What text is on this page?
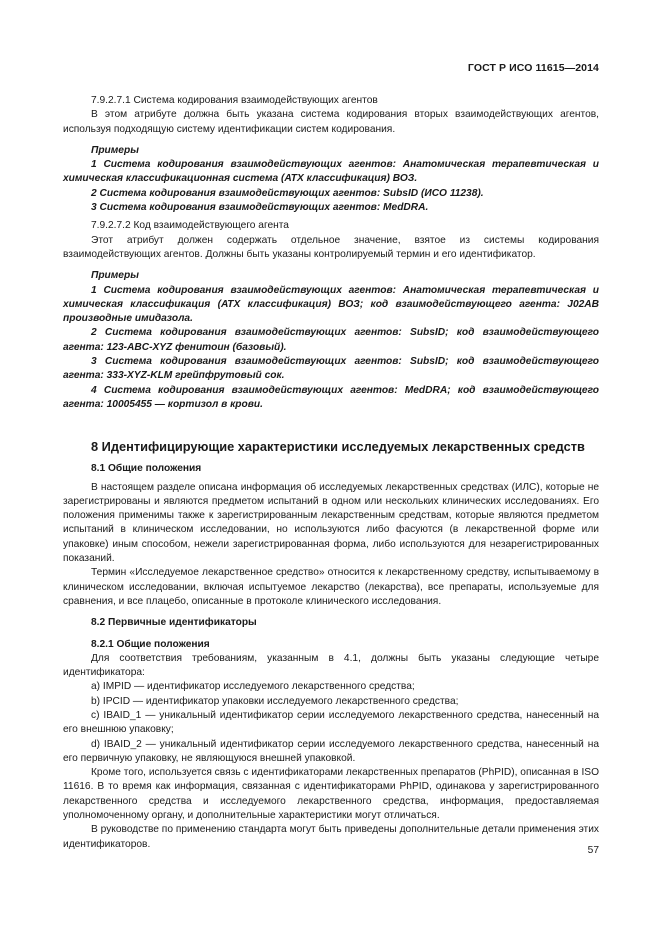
ГОСТ Р ИСО 11615—2014

7.9.2.7.1 Система кодирования взаимодействующих агентов

В этом атрибуте должна быть указана система кодирования вторых взаимодействующих агентов, используя подходящую систему идентификации систем кодирования.

Примеры

1 Система кодирования взаимодействующих агентов: Анатомическая терапевтическая и химическая классификационная система (АТХ классификация) ВОЗ.

2 Система кодирования взаимодействующих агентов: SubsID (ИСО 11238).

3 Система кодирования взаимодействующих агентов: MedDRA.

7.9.2.7.2 Код взаимодействующего агента

Этот атрибут должен содержать отдельное значение, взятое из системы кодирования взаимодействующих агентов. Должны быть указаны контролируемый термин и его идентификатор.

Примеры

1 Система кодирования взаимодействующих агентов: Анатомическая терапевтическая и химическая классификация (АТХ классификация) ВОЗ; код взаимодействующего агента: J02AB производные имидазола.

2 Система кодирования взаимодействующих агентов: SubsID; код взаимодействующего агента: 123-ABC-XYZ фенитоин (базовый).

3 Система кодирования взаимодействующих агентов: SubsID; код взаимодействующего агента: 333-XYZ-KLM грейпфрутовый сок.

4 Система кодирования взаимодействующих агентов: MedDRA; код взаимодействующего агента: 10005455 — кортизол в крови.

8 Идентифицирующие характеристики исследуемых лекарственных средств

8.1 Общие положения

В настоящем разделе описана информация об исследуемых лекарственных средствах (ИЛС), которые не зарегистрированы и являются предметом испытаний в одном или нескольких клинических исследованиях. Его положения применимы также к зарегистрированным лекарственным средствам, которые являются предметом испытаний в клиническом исследовании, но используются либо фасуются (в лекарственной форме или упаковке) иным способом, нежели зарегистрированная форма, либо используются для незарегистрированных показаний.

Термин «Исследуемое лекарственное средство» относится к лекарственному средству, испытываемому в клиническом исследовании, включая испытуемое лекарство (лекарства), все препараты, используемые для сравнения, и все плацебо, описанные в протоколе клинического исследования.

8.2 Первичные идентификаторы

8.2.1 Общие положения

Для соответствия требованиям, указанным в 4.1, должны быть указаны следующие четыре идентификатора:

a) IMPID — идентификатор исследуемого лекарственного средства;

b) IPCID — идентификатор упаковки исследуемого лекарственного средства;

c) IBAID_1 — уникальный идентификатор серии исследуемого лекарственного средства, нанесенный на его внешнюю упаковку;

d) IBAID_2 — уникальный идентификатор серии исследуемого лекарственного средства, нанесенный на его первичную упаковку, не являющуюся внешней упаковкой.

Кроме того, используется связь с идентификаторами лекарственных препаратов (PhPID), описанная в ISO 11616. В то время как информация, связанная с идентификаторами PhPID, одинакова у зарегистрированного лекарственного средства и исследуемого лекарственного средства, информация, предоставляемая уполномоченному органу, и дополнительные характеристики могут отличаться.

В руководстве по применению стандарта могут быть приведены дополнительные детали применения этих идентификаторов.

57
